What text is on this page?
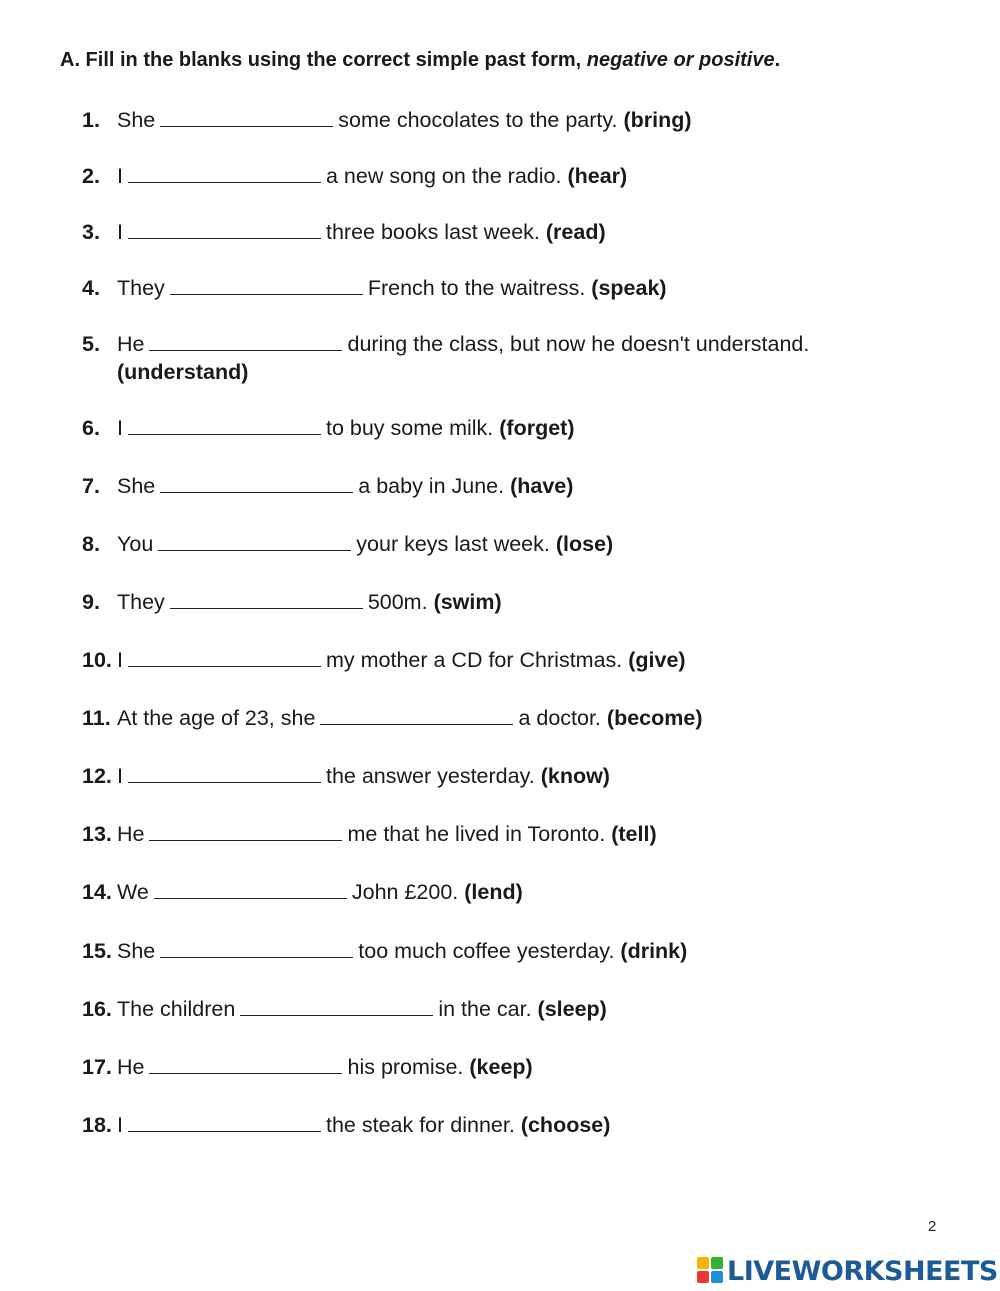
A. Fill in the blanks using the correct simple past form, negative or positive.
1. She	some chocolates to the party. (bring)
2. I	a new song on the radio. (hear)
3. I	three books last week. (read)
4. They	French to the waitress. (speak)
5. He	during the class, but now he doesn't understand. (understand)
6. I	to buy some milk. (forget)
7. She	a baby in June. (have)
8. You	your keys last week. (lose)
9. They	500m. (swim)
10. I	my mother a CD for Christmas. (give)
11. At the age of 23, she	a doctor. (become)
12. I	the answer yesterday. (know)
13. He	me that he lived in Toronto. (tell)
14. We	John £200. (lend)
15. She	too much coffee yesterday. (drink)
16. The children	in the car. (sleep)
17. He	his promise. (keep)
18. I	the steak for dinner. (choose)
2
LIVEWORKSHEETS
